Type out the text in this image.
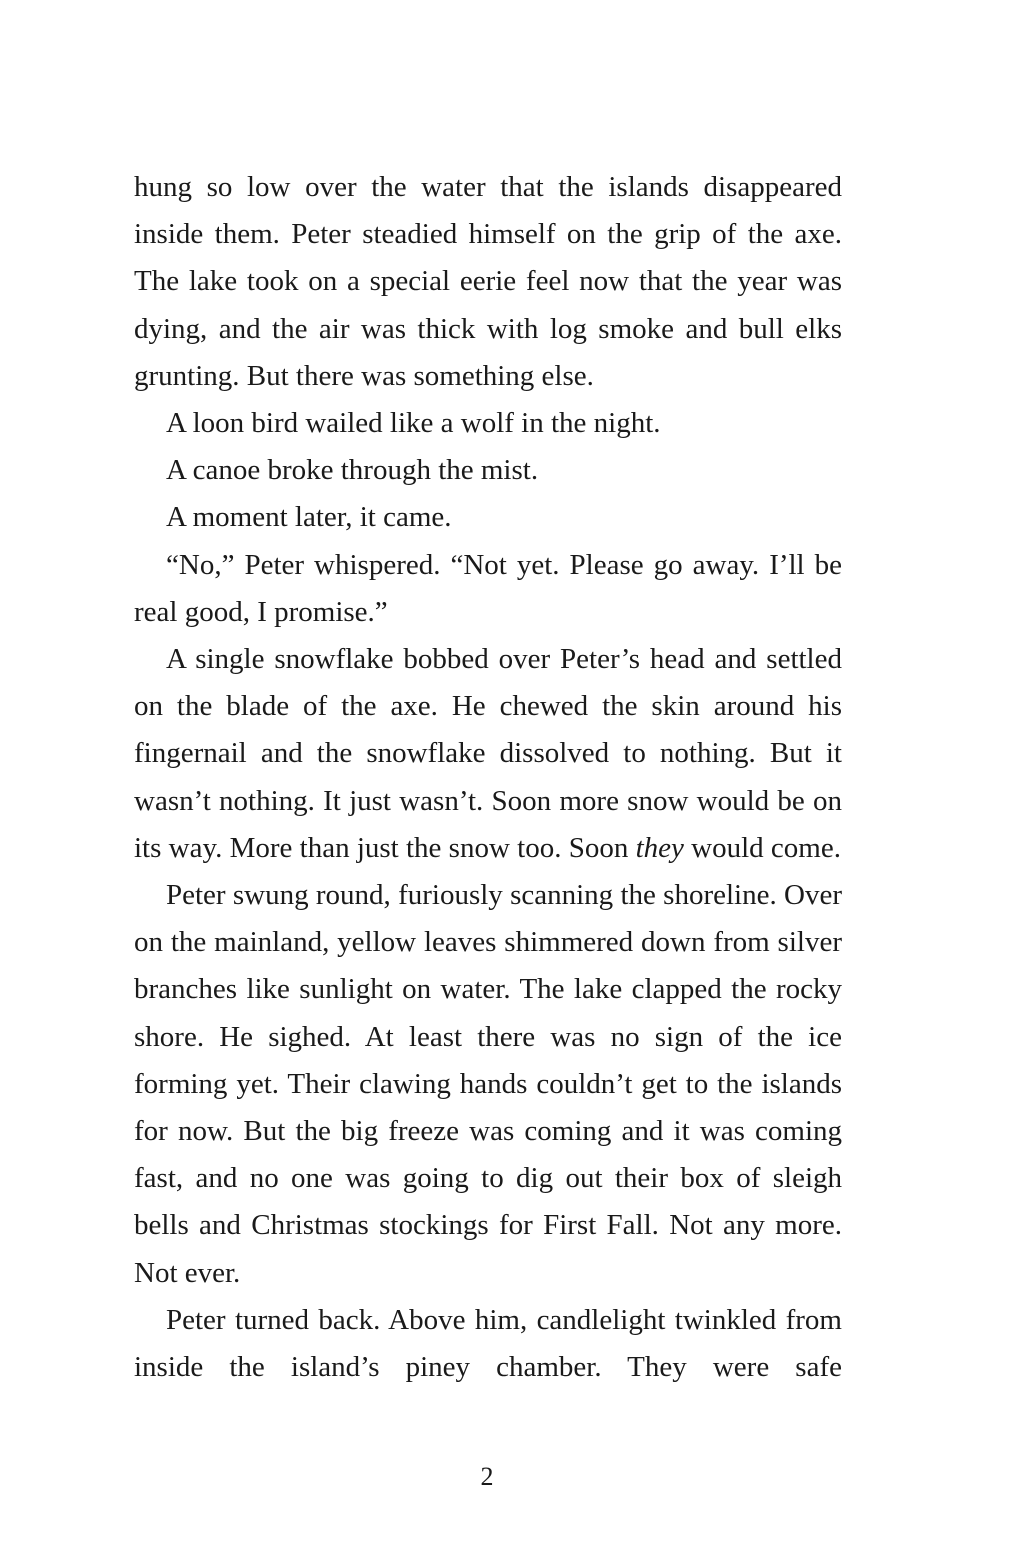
hung so low over the water that the islands disappeared inside them. Peter steadied himself on the grip of the axe. The lake took on a special eerie feel now that the year was dying, and the air was thick with log smoke and bull elks grunting. But there was something else.

A loon bird wailed like a wolf in the night.

A canoe broke through the mist.

A moment later, it came.

“No,” Peter whispered. “Not yet. Please go away. I’ll be real good, I promise.”

A single snowflake bobbed over Peter’s head and settled on the blade of the axe. He chewed the skin around his fingernail and the snowflake dissolved to nothing. But it wasn’t nothing. It just wasn’t. Soon more snow would be on its way. More than just the snow too. Soon they would come.

Peter swung round, furiously scanning the shoreline. Over on the mainland, yellow leaves shimmered down from silver branches like sunlight on water. The lake clapped the rocky shore. He sighed. At least there was no sign of the ice forming yet. Their clawing hands couldn’t get to the islands for now. But the big freeze was coming and it was coming fast, and no one was going to dig out their box of sleigh bells and Christmas stockings for First Fall. Not any more. Not ever.

Peter turned back. Above him, candlelight twinkled from inside the island’s piney chamber. They were safe

2
